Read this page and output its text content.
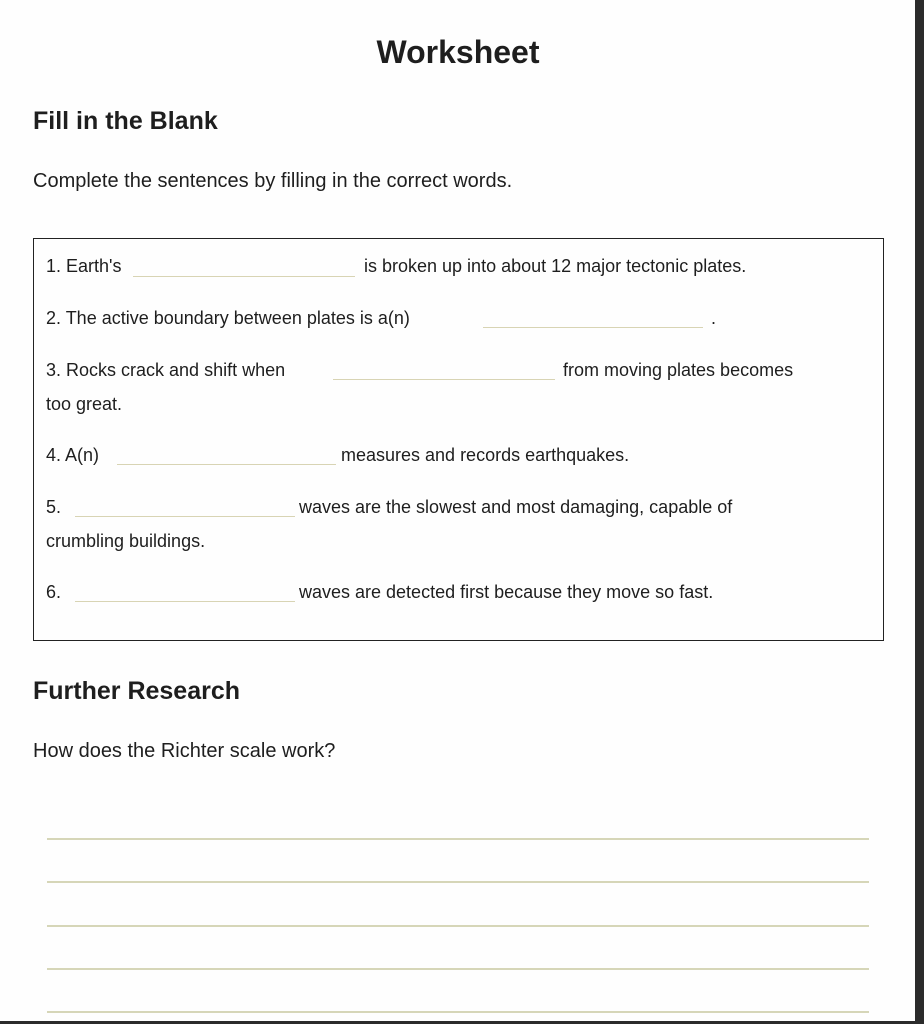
Worksheet
Fill in the Blank
Complete the sentences by filling in the correct words.
1. Earth's	is broken up into about 12 major tectonic plates.
2. The active boundary between plates is a(n)	.
3. Rocks crack and shift when	from moving plates becomes
too great.
4. A(n)	measures and records earthquakes.
5.	waves are the slowest and most damaging, capable of
crumbling buildings.
6.	waves are detected first because they move so fast.
Further Research
How does the Richter scale work?
